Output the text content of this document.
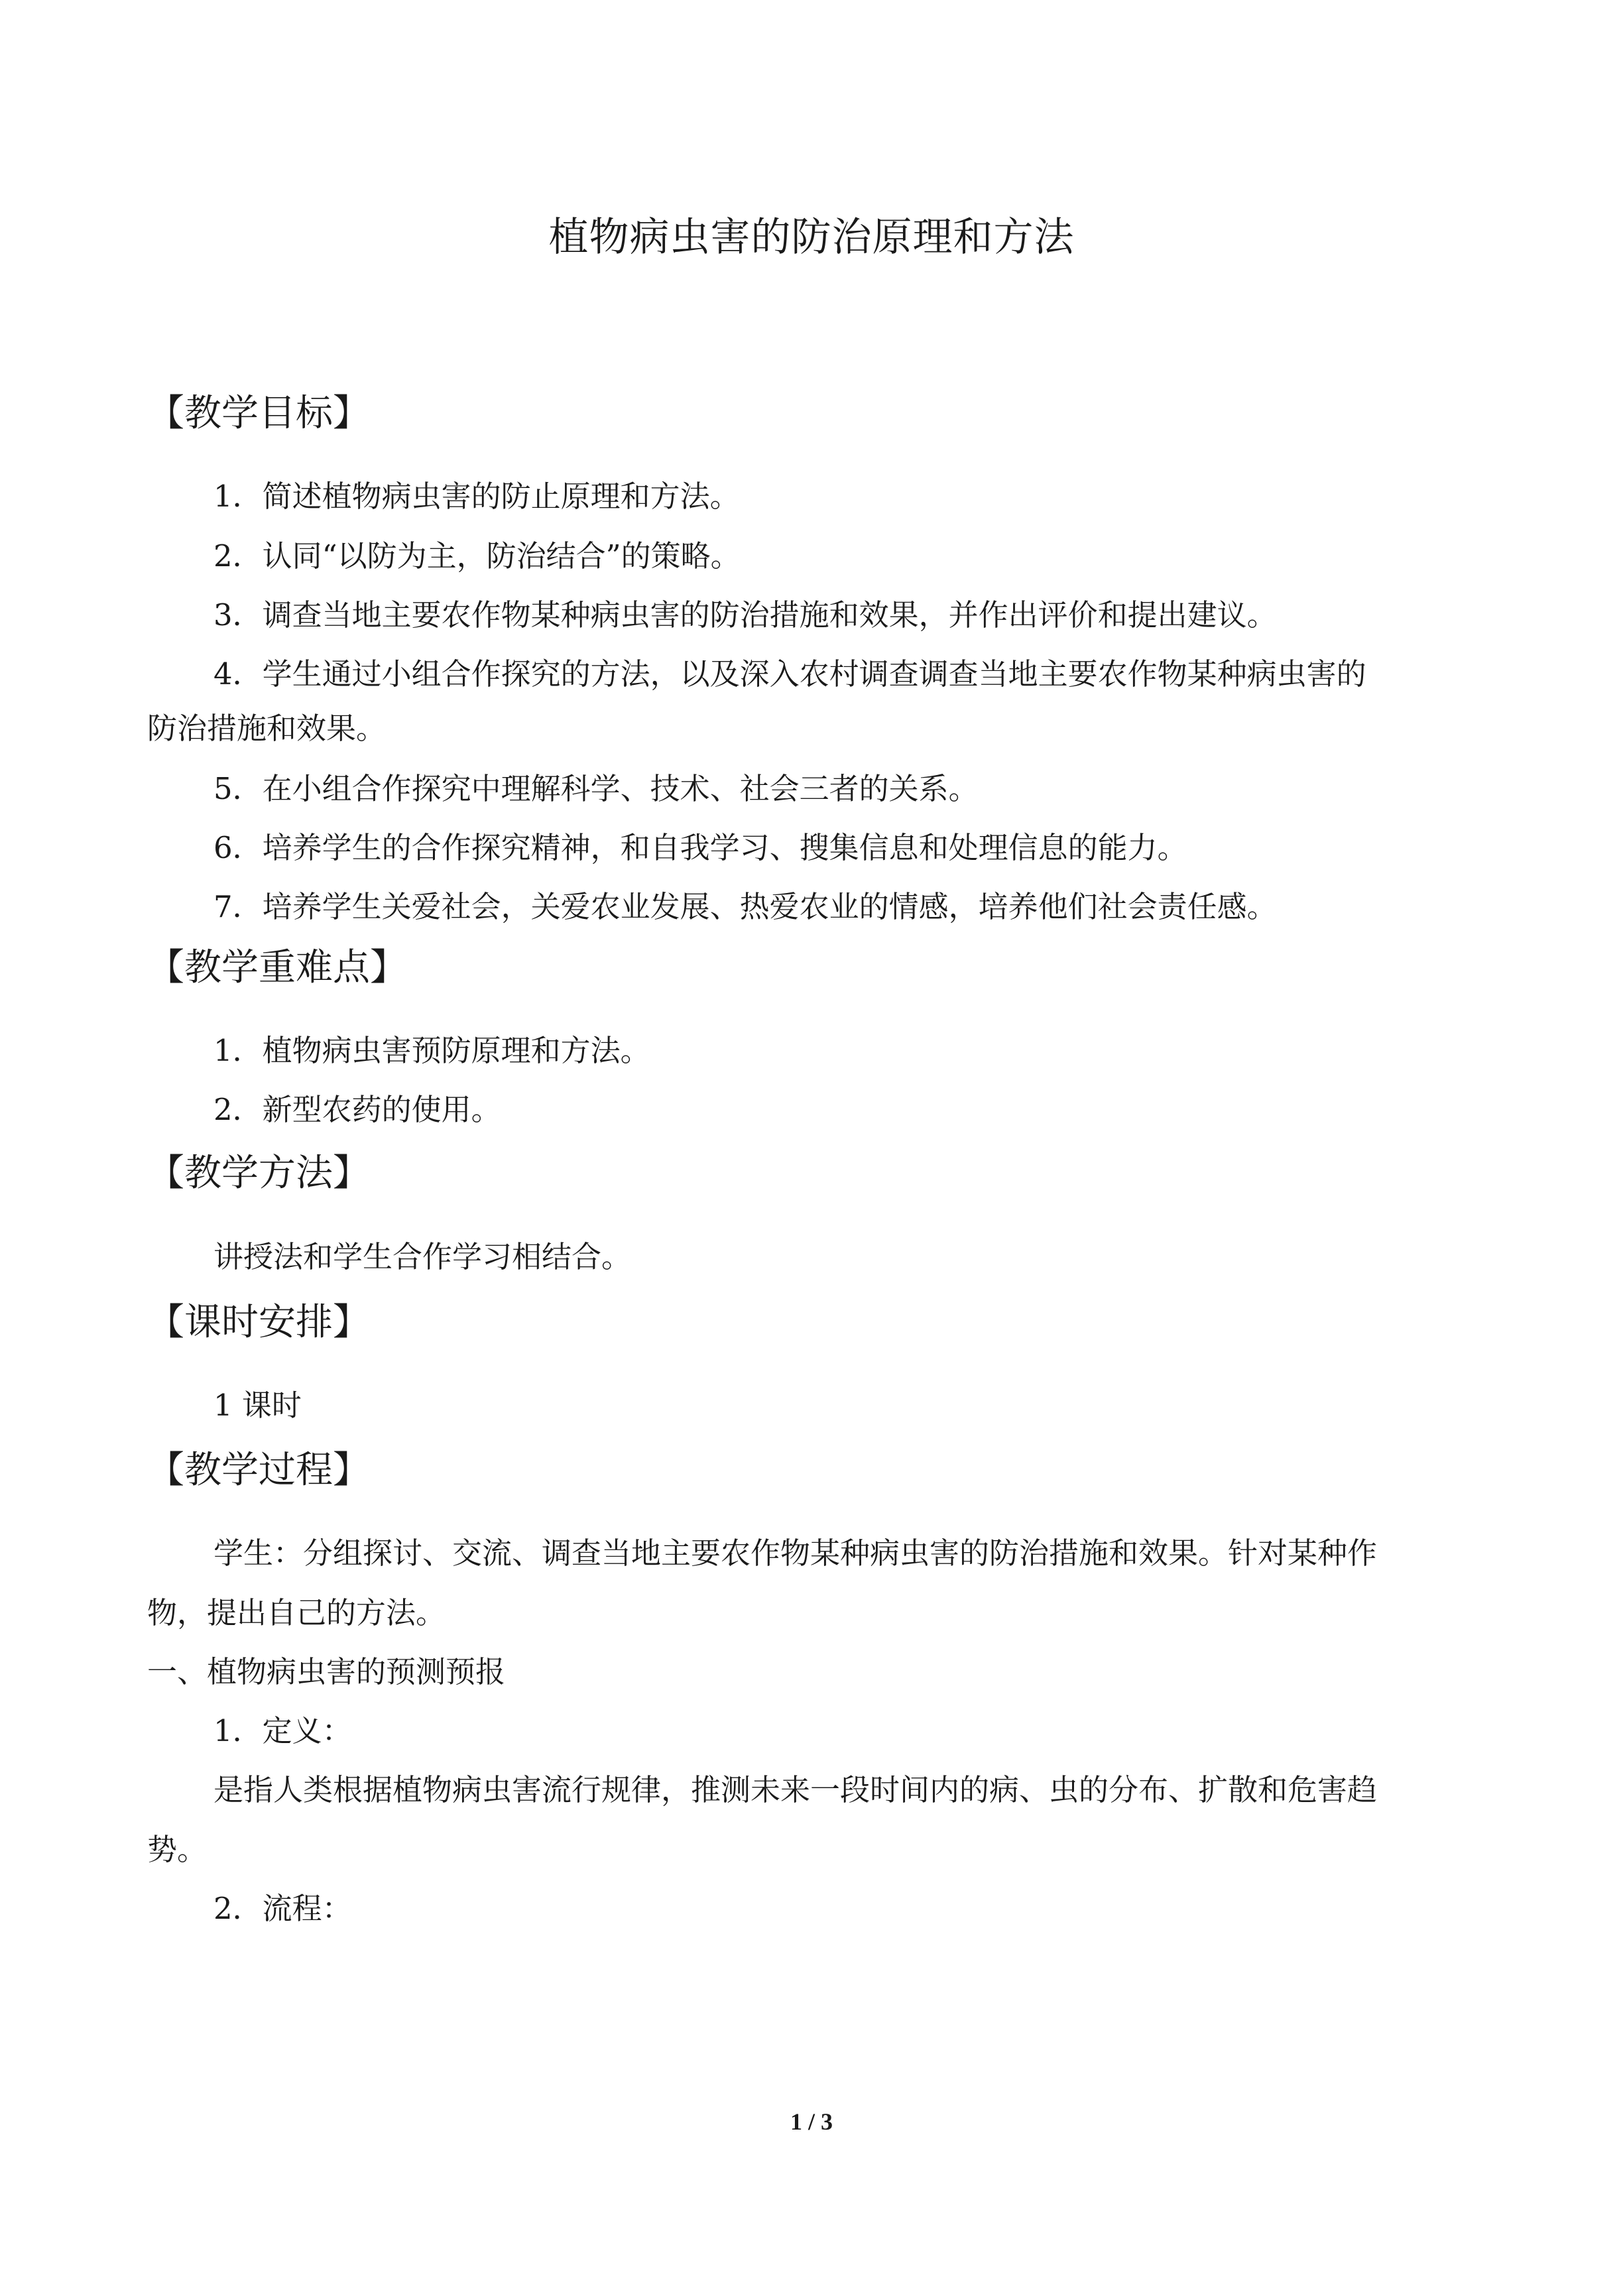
植物病虫害的防治原理和方法
【教学目标】
1．简述植物病虫害的防止原理和方法。
2．认同“以防为主，防治结合”的策略。
3．调查当地主要农作物某种病虫害的防治措施和效果，并作出评价和提出建议。
4．学生通过小组合作探究的方法，以及深入农村调查调查当地主要农作物某种病虫害的
防治措施和效果。
5．在小组合作探究中理解科学、技术、社会三者的关系。
6．培养学生的合作探究精神，和自我学习、搜集信息和处理信息的能力。
7．培养学生关爱社会，关爱农业发展、热爱农业的情感，培养他们社会责任感。
【教学重难点】
1．植物病虫害预防原理和方法。
2．新型农药的使用。
【教学方法】
讲授法和学生合作学习相结合。
【课时安排】
1 课时
【教学过程】
学生：分组探讨、交流、调查当地主要农作物某种病虫害的防治措施和效果。针对某种作
物，提出自己的方法。
一、植物病虫害的预测预报
1．定义：
是指人类根据植物病虫害流行规律，推测未来一段时间内的病、虫的分布、扩散和危害趋
势。
2．流程：
1 / 3
